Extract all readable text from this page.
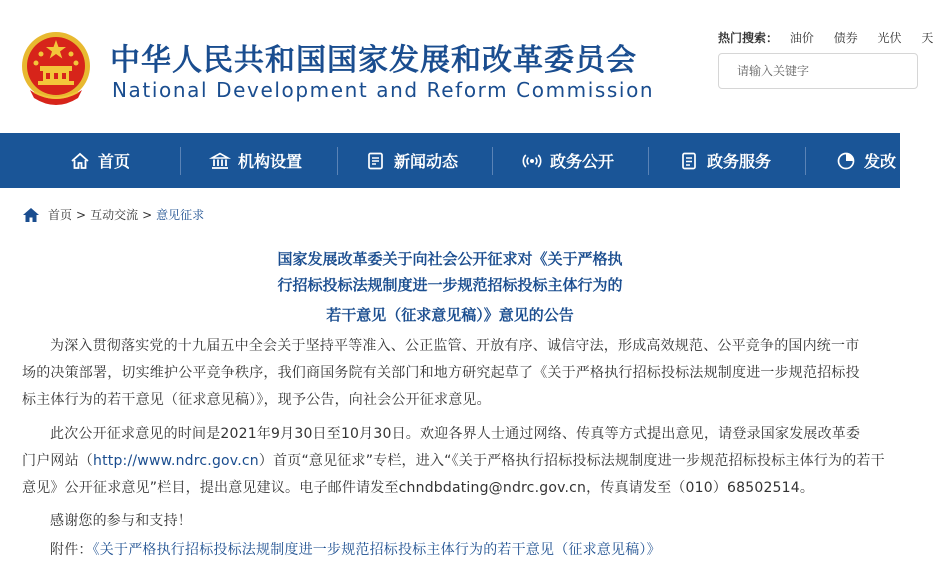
中华人民共和国国家发展和改革委员会
National Development and Reform Commission
热门搜索： 油价 债券 光伏 天
请输入关键字
首页	机构设置	新闻动态	政务公开	政务服务	发改
首页 > 互动交流 > 意见征求
国家发展改革委关于向社会公开征求对《关于严格执
行招标投标法规制度进一步规范招标投标主体行为的
若干意见（征求意见稿）》意见的公告
为深入贯彻落实党的十九届五中全会关于坚持平等准入、公正监管、开放有序、诚信守法，形成高效规范、公平竞争的国内统一市
场的决策部署，切实维护公平竞争秩序，我们商国务院有关部门和地方研究起草了《关于严格执行招标投标法规制度进一步规范招标投
标主体行为的若干意见（征求意见稿）》，现予公告，向社会公开征求意见。
此次公开征求意见的时间是2021年9月30日至10月30日。欢迎各界人士通过网络、传真等方式提出意见，请登录国家发展改革委
门户网站（http://www.ndrc.gov.cn）首页“意见征求”专栏，进入“《关于严格执行招标投标法规制度进一步规范招标投标主体行为的若干
意见》公开征求意见”栏目，提出意见建议。电子邮件请发至chndbdating@ndrc.gov.cn，传真请发至（010）68502514。
感谢您的参与和支持！
附件：《关于严格执行招标投标法规制度进一步规范招标投标主体行为的若干意见（征求意见稿）》
